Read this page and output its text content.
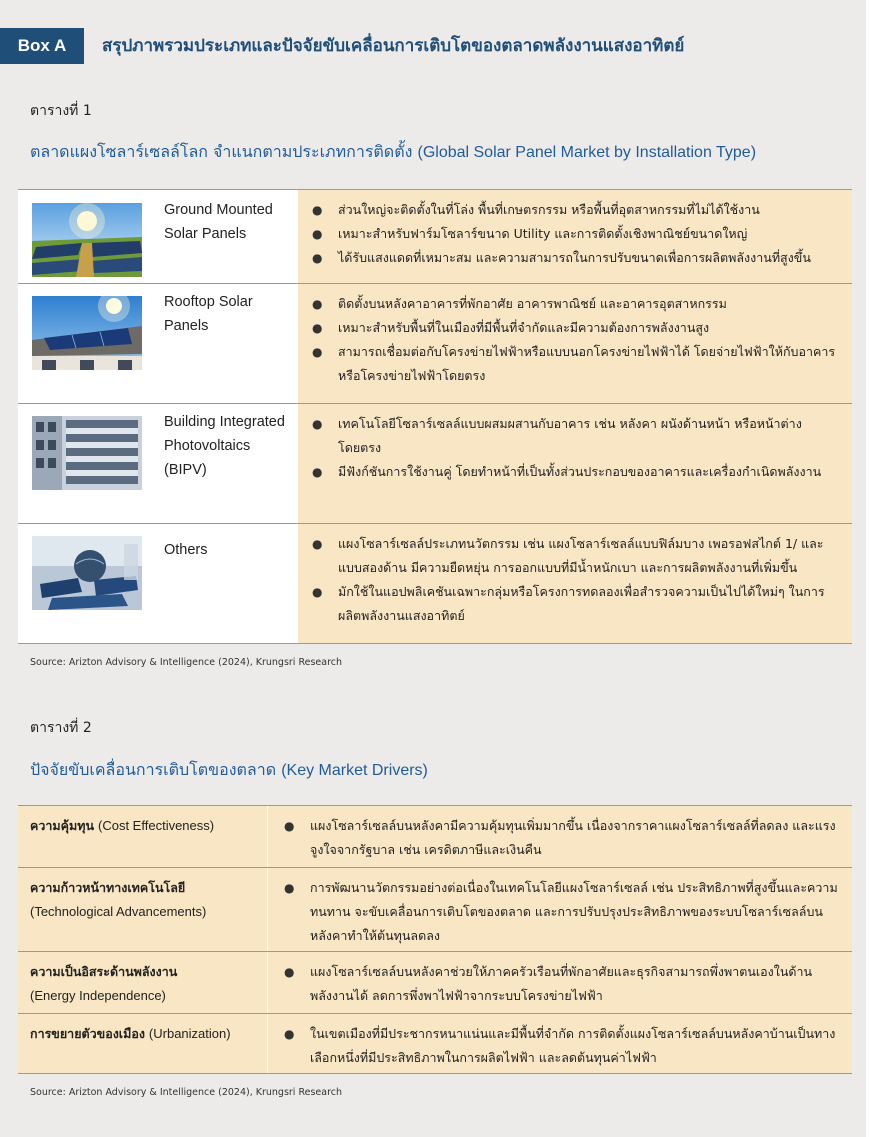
Box A	สรุปภาพรวมประเภทและปัจจัยขับเคลื่อนการเติบโตของตลาดพลังงานแสงอาทิตย์
ตารางที่ 1
ตลาดแผงโซลาร์เซลล์โลก จำแนกตามประเภทการติดตั้ง (Global Solar Panel Market by Installation Type)
Ground Mounted
Solar Panels
●	ส่วนใหญ่จะติดตั้งในที่โล่ง พื้นที่เกษตรกรรม หรือพื้นที่อุตสาหกรรมที่ไม่ได้ใช้งาน
●	เหมาะสำหรับฟาร์มโซลาร์ขนาด Utility และการติดตั้งเชิงพาณิชย์ขนาดใหญ่
●	ได้รับแสงแดดที่เหมาะสม และความสามารถในการปรับขนาดเพื่อการผลิตพลังงานที่สูงขึ้น
Rooftop Solar
Panels
●	ติดตั้งบนหลังคาอาคารที่พักอาศัย อาคารพาณิชย์ และอาคารอุตสาหกรรม
●	เหมาะสำหรับพื้นที่ในเมืองที่มีพื้นที่จำกัดและมีความต้องการพลังงานสูง
●	สามารถเชื่อมต่อกับโครงข่ายไฟฟ้าหรือแบบนอกโครงข่ายไฟฟ้าได้ โดยจ่ายไฟฟ้าให้กับอาคารหรือโครงข่ายไฟฟ้าโดยตรง
Building Integrated
Photovoltaics
(BIPV)
●	เทคโนโลยีโซลาร์เซลล์แบบผสมผสานกับอาคาร เช่น หลังคา ผนังด้านหน้า หรือหน้าต่างโดยตรง
●	มีฟังก์ชันการใช้งานคู่ โดยทำหน้าที่เป็นทั้งส่วนประกอบของอาคารและเครื่องกำเนิดพลังงาน
Others	●	แผงโซลาร์เซลล์ประเภทนวัตกรรม เช่น แผงโซลาร์เซลล์แบบฟิล์มบาง เพอรอฟสไกต์ 1/ และแบบสองด้าน มีความยืดหยุ่น การออกแบบที่มีน้ำหนักเบา และการผลิตพลังงานที่เพิ่มขึ้น
●	มักใช้ในแอปพลิเคชันเฉพาะกลุ่มหรือโครงการทดลองเพื่อสำรวจความเป็นไปได้ใหม่ๆ ในการผลิตพลังงานแสงอาทิตย์
Source: Arizton Advisory & Intelligence (2024), Krungsri Research
ตารางที่ 2
ปัจจัยขับเคลื่อนการเติบโตของตลาด (Key Market Drivers)
ความคุ้มทุน (Cost Effectiveness)	●	แผงโซลาร์เซลล์บนหลังคามีความคุ้มทุนเพิ่มมากขึ้น เนื่องจากราคาแผงโซลาร์เซลล์ที่ลดลง และแรงจูงใจจากรัฐบาล เช่น เครดิตภาษีและเงินคืน
ความก้าวหน้าทางเทคโนโลยี
(Technological Advancements)
●	การพัฒนานวัตกรรมอย่างต่อเนื่องในเทคโนโลยีแผงโซลาร์เซลล์ เช่น ประสิทธิภาพที่สูงขึ้นและความทนทาน จะขับเคลื่อนการเติบโตของตลาด และการปรับปรุงประสิทธิภาพของระบบโซลาร์เซลล์บนหลังคาทำให้ต้นทุนลดลง
ความเป็นอิสระด้านพลังงาน
(Energy Independence)
●	แผงโซลาร์เซลล์บนหลังคาช่วยให้ภาคครัวเรือนที่พักอาศัยและธุรกิจสามารถพึ่งพาตนเองในด้านพลังงานได้ ลดการพึ่งพาไฟฟ้าจากระบบโครงข่ายไฟฟ้า
การขยายตัวของเมือง (Urbanization)	●	ในเขตเมืองที่มีประชากรหนาแน่นและมีพื้นที่จำกัด การติดตั้งแผงโซลาร์เซลล์บนหลังคาบ้านเป็นทางเลือกหนึ่งที่มีประสิทธิภาพในการผลิตไฟฟ้า และลดต้นทุนค่าไฟฟ้า
Source: Arizton Advisory & Intelligence (2024), Krungsri Research
